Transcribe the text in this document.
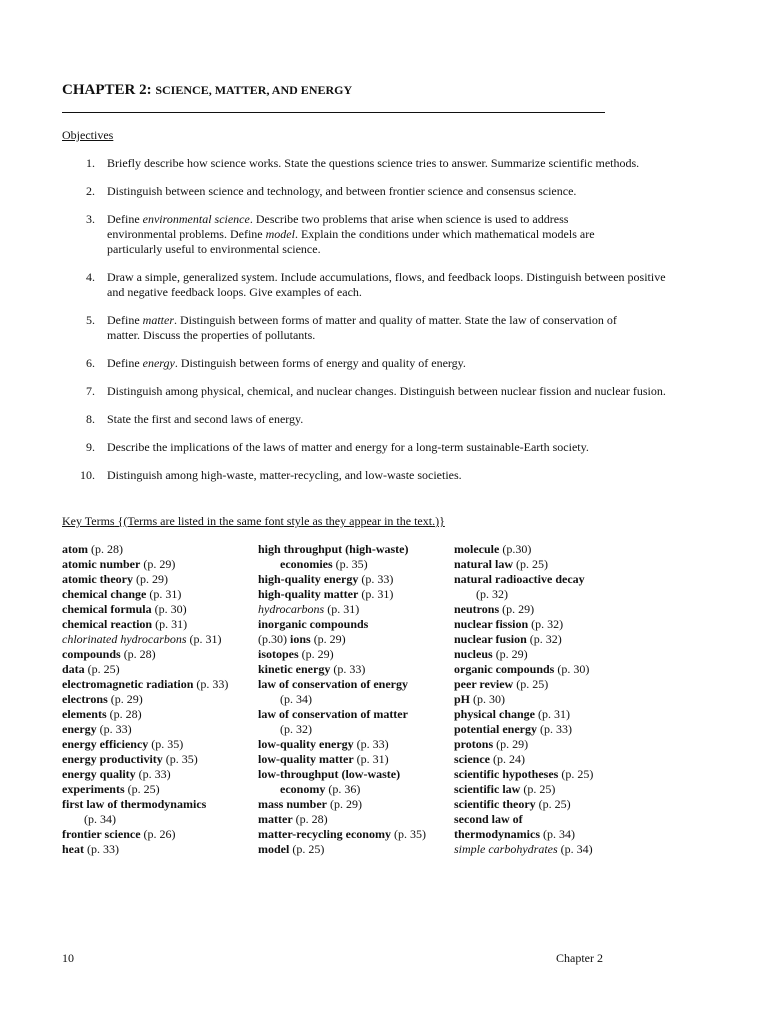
CHAPTER 2: SCIENCE, MATTER, AND ENERGY
Objectives
1. Briefly describe how science works. State the questions science tries to answer. Summarize scientific methods.
2. Distinguish between science and technology, and between frontier science and consensus science.
3. Define environmental science. Describe two problems that arise when science is used to address
environmental problems. Define model. Explain the conditions under which mathematical models are
particularly useful to environmental science.
4. Draw a simple, generalized system. Include accumulations, flows, and feedback loops. Distinguish between positive
and negative feedback loops. Give examples of each.
5. Define matter. Distinguish between forms of matter and quality of matter. State the law of conservation of
matter. Discuss the properties of pollutants.
6. Define energy. Distinguish between forms of energy and quality of energy.
7. Distinguish among physical, chemical, and nuclear changes. Distinguish between nuclear fission and nuclear fusion.
8. State the first and second laws of energy.
9. Describe the implications of the laws of matter and energy for a long-term sustainable-Earth society.
10. Distinguish among high-waste, matter-recycling, and low-waste societies.
Key Terms {(Terms are listed in the same font style as they appear in the text.)}
atom (p. 28)
atomic number (p. 29)
atomic theory (p. 29)
chemical change (p. 31)
chemical formula (p. 30)
chemical reaction (p. 31)
chlorinated hydrocarbons (p. 31)
compounds (p. 28)
data (p. 25)
electromagnetic radiation (p. 33)
electrons (p. 29)
elements (p. 28)
energy (p. 33)
energy efficiency (p. 35)
energy productivity (p. 35)
energy quality (p. 33)
experiments (p. 25)
first law of thermodynamics
(p. 34)
frontier science (p. 26)
heat (p. 33)
high throughput (high-waste)
economies (p. 35)
high-quality energy (p. 33)
high-quality matter (p. 31)
hydrocarbons (p. 31)
inorganic compounds
(p.30) ions (p. 29)
isotopes (p. 29)
kinetic energy (p. 33)
law of conservation of energy
(p. 34)
law of conservation of matter
(p. 32)
low-quality energy (p. 33)
low-quality matter (p. 31)
low-throughput (low-waste)
economy (p. 36)
mass number (p. 29)
matter (p. 28)
matter-recycling economy (p. 35)
model (p. 25)
molecule (p.30)
natural law (p. 25)
natural radioactive decay
(p. 32)
neutrons (p. 29)
nuclear fission (p. 32)
nuclear fusion (p. 32)
nucleus (p. 29)
organic compounds (p. 30)
peer review (p. 25)
pH (p. 30)
physical change (p. 31)
potential energy (p. 33)
protons (p. 29)
science (p. 24)
scientific hypotheses (p. 25)
scientific law (p. 25)
scientific theory (p. 25)
second law of
thermodynamics (p. 34)
simple carbohydrates (p. 34)
10	Chapter 2
